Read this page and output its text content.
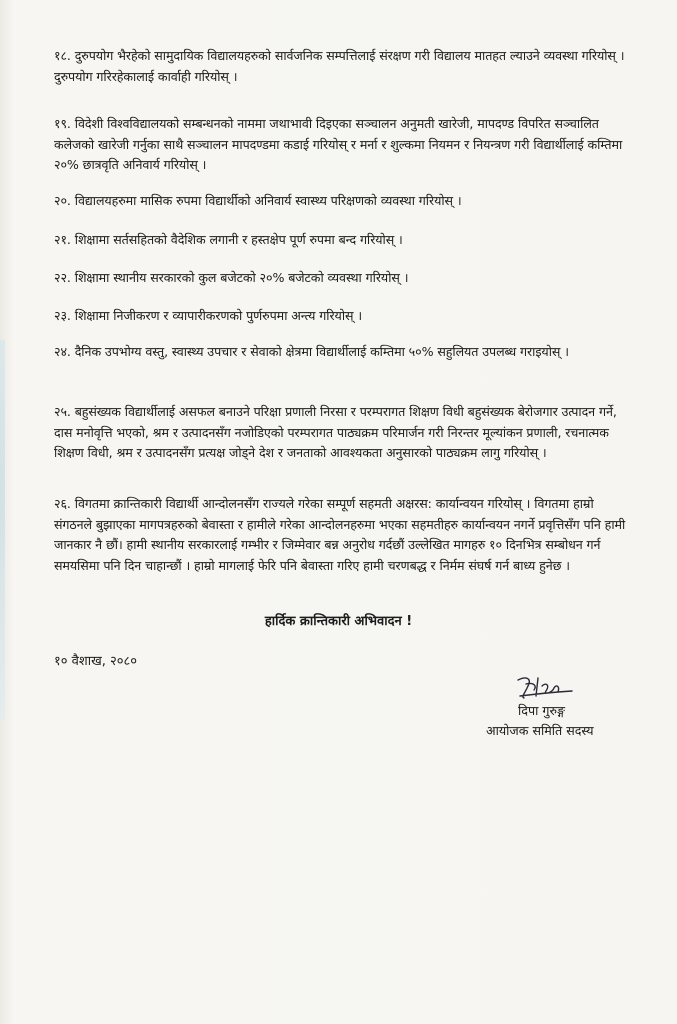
१८. दुरुपयोग भैरहेको सामुदायिक विद्यालयहरुको सार्वजनिक सम्पत्तिलाई संरक्षण गरी विद्यालय मातहत ल्याउने व्यवस्था गरियोस् । दुरुपयोग गरिरहेकालाई कार्वाही गरियोस् ।

१९. विदेशी विश्वविद्यालयको सम्बन्धनको नाममा जथाभावी दिइएका सञ्चालन अनुमती खारेजी, मापदण्ड विपरित सञ्चालित कलेजको खारेजी गर्नुका साथै सञ्चालन मापदण्डमा कडाई गरियोस् र मर्ना र शुल्कमा नियमन र नियन्त्रण गरी विद्यार्थीलाई कम्तिमा २०% छात्रवृति अनिवार्य गरियोस् ।

२०. विद्यालयहरुमा मासिक रुपमा विद्यार्थीको अनिवार्य स्वास्थ्य परिक्षणको व्यवस्था गरियोस् ।

२१. शिक्षामा सर्तसहितको वैदेशिक लगानी र हस्तक्षेप पूर्ण रुपमा बन्द गरियोस् ।

२२. शिक्षामा स्थानीय सरकारको कुल बजेटको २०% बजेटको व्यवस्था गरियोस् ।

२३. शिक्षामा निजीकरण र व्यापारीकरणको पुर्णरुपमा अन्त्य गरियोस् ।

२४. दैनिक उपभोग्य वस्तु, स्वास्थ्य उपचार र सेवाको क्षेत्रमा विद्यार्थीलाई कम्तिमा ५०% सहुलियत उपलब्ध गराइयोस् ।

२५. बहुसंख्यक विद्यार्थीलाई असफल बनाउने परिक्षा प्रणाली निरसा र परम्परागत शिक्षण विधी बहुसंख्यक बेरोजगार उत्पादन गर्ने, दास मनोवृत्ति भएको, श्रम र उत्पादनसँग नजोडिएको परम्परागत पाठ्यक्रम परिमार्जन गरी निरन्तर मूल्यांकन प्रणाली, रचनात्मक शिक्षण विधी, श्रम र उत्पादनसँग प्रत्यक्ष जोड्ने देश र जनताको आवश्यकता अनुसारको पाठ्यक्रम लागु गरियोस् ।

२६. विगतमा क्रान्तिकारी विद्यार्थी आन्दोलनसँग राज्यले गरेका सम्पूर्ण सहमती अक्षरस: कार्यान्वयन गरियोस् । विगतमा हाम्रो संगठनले बुझाएका मागपत्रहरुको बेवास्ता र हामीले गरेका आन्दोलनहरुमा भएका सहमतीहरु कार्यान्वयन नगर्ने प्रवृत्तिसँग पनि हामी जानकार नै छौं। हामी स्थानीय सरकारलाई गम्भीर र जिम्मेवार बन्न अनुरोध गर्दछौं उल्लेखित मागहरु १० दिनभित्र सम्बोधन गर्न समयसिमा पनि दिन चाहान्छौं । हाम्रो मागलाई फेरि पनि बेवास्ता गरिए हामी चरणबद्ध र निर्मम संघर्ष गर्न बाध्य हुनेछ ।

हार्दिक क्रान्तिकारी अभिवादन !
१० वैशाख, २०८०
दिपा गुरुङ्ग
आयोजक समिति सदस्य
